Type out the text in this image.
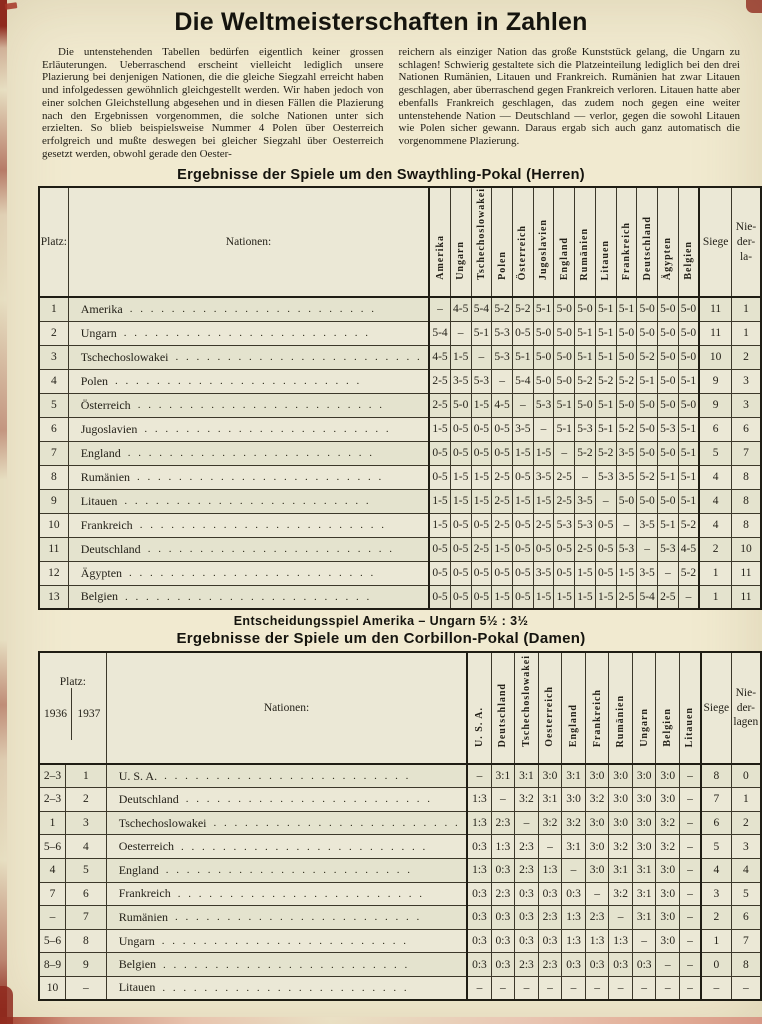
Die Weltmeisterschaften in Zahlen

Die untenstehenden Tabellen bedürfen eigentlich keiner grossen Erläuterungen. Ueberraschend erscheint vielleicht lediglich unsere Plazierung bei denjenigen Nationen, die die gleiche Siegzahl erreicht haben und infolgedessen gewöhnlich gleichgestellt werden. Wir haben jedoch von einer solchen Gleichstellung abgesehen und in diesen Fällen die Plazierung nach den Ergebnissen vorgenommen, die solche Nationen unter sich erzielten. So blieb beispielsweise Nummer 4 Polen über Oesterreich erfolgreich und mußte deswegen bei gleicher Siegzahl über Oesterreich gesetzt werden, obwohl gerade den Oester-

reichern als einziger Nation das große Kunststück gelang, die Ungarn zu schlagen! Schwierig gestaltete sich die Platzeinteilung lediglich bei den drei Nationen Rumänien, Litauen und Frankreich. Rumänien hat zwar Litauen geschlagen, aber überraschend gegen Frankreich verloren. Litauen hatte aber ebenfalls Frankreich geschlagen, das zudem noch gegen eine weiter untenstehende Nation — Deutschland — verlor, gegen die sowohl Litauen wie Polen sicher gewann. Daraus ergab sich auch ganz automatisch die vorgenommene Plazierung.

Ergebnisse der Spiele um den Swaythling-Pokal (Herren)
Platz:	Nationen:	Amerika	Ungarn	Tschechoslowakei	Polen	Österreich	Jugoslavien	England	Rumänien	Litauen	Frankreich	Deutschland	Ägypten	Belgien	Siege	Nie-
der-
la-

1	Amerika . . . . . . . . . . . . . . . . . . . . . . . .	–	4-5	5-4	5-2	5-2	5-1	5-0	5-0	5-1	5-1	5-0	5-0	5-0	11	1
2	Ungarn . . . . . . . . . . . . . . . . . . . . . . . .	5-4	–	5-1	5-3	0-5	5-0	5-0	5-1	5-1	5-0	5-0	5-0	5-0	11	1
3	Tschechoslowakei . . . . . . . . . . . . . . . . . . . . . . . .	4-5	1-5	–	5-3	5-1	5-0	5-0	5-1	5-1	5-0	5-2	5-0	5-0	10	2
4	Polen . . . . . . . . . . . . . . . . . . . . . . . .	2-5	3-5	5-3	–	5-4	5-0	5-0	5-2	5-2	5-2	5-1	5-0	5-1	9	3
5	Österreich . . . . . . . . . . . . . . . . . . . . . . . .	2-5	5-0	1-5	4-5	–	5-3	5-1	5-0	5-1	5-0	5-0	5-0	5-0	9	3
6	Jugoslavien . . . . . . . . . . . . . . . . . . . . . . . .	1-5	0-5	0-5	0-5	3-5	–	5-1	5-3	5-1	5-2	5-0	5-3	5-1	6	6
7	England . . . . . . . . . . . . . . . . . . . . . . . .	0-5	0-5	0-5	0-5	1-5	1-5	–	5-2	5-2	3-5	5-0	5-0	5-1	5	7
8	Rumänien . . . . . . . . . . . . . . . . . . . . . . . .	0-5	1-5	1-5	2-5	0-5	3-5	2-5	–	5-3	3-5	5-2	5-1	5-1	4	8
9	Litauen . . . . . . . . . . . . . . . . . . . . . . . .	1-5	1-5	1-5	2-5	1-5	1-5	2-5	3-5	–	5-0	5-0	5-0	5-1	4	8
10	Frankreich . . . . . . . . . . . . . . . . . . . . . . . .	1-5	0-5	0-5	2-5	0-5	2-5	5-3	5-3	0-5	–	3-5	5-1	5-2	4	8
11	Deutschland . . . . . . . . . . . . . . . . . . . . . . . .	0-5	0-5	2-5	1-5	0-5	0-5	0-5	2-5	0-5	5-3	–	5-3	4-5	2	10
12	Ägypten . . . . . . . . . . . . . . . . . . . . . . . .	0-5	0-5	0-5	0-5	0-5	3-5	0-5	1-5	0-5	1-5	3-5	–	5-2	1	11
13	Belgien . . . . . . . . . . . . . . . . . . . . . . . .	0-5	0-5	0-5	1-5	0-5	1-5	1-5	1-5	1-5	2-5	5-4	2-5	–	1	11
Entscheidungsspiel Amerika – Ungarn 5½ : 3½
Ergebnisse der Spiele um den Corbillon-Pokal (Damen)
Platz:
1936 1937	Nationen:	U. S. A.	Deutschland	Tschechoslowakei	Oesterreich	England	Frankreich	Rumänien	Ungarn	Belgien	Litauen	Siege	
Nie-
der-
lagen

2–3	1	U. S. A. . . . . . . . . . . . . . . . . . . . . . . . .	–	3:1	3:1	3:0	3:1	3:0	3:0	3:0	3:0	–	8	0
2–3	2	Deutschland . . . . . . . . . . . . . . . . . . . . . . . .	1:3	–	3:2	3:1	3:0	3:2	3:0	3:0	3:0	–	7	1
1	3	Tschechoslowakei . . . . . . . . . . . . . . . . . . . . . . . .	1:3	2:3	–	3:2	3:2	3:0	3:0	3:0	3:2	–	6	2
5–6	4	Oesterreich . . . . . . . . . . . . . . . . . . . . . . . .	0:3	1:3	2:3	–	3:1	3:0	3:2	3:0	3:2	–	5	3
4	5	England . . . . . . . . . . . . . . . . . . . . . . . .	1:3	0:3	2:3	1:3	–	3:0	3:1	3:1	3:0	–	4	4
7	6	Frankreich . . . . . . . . . . . . . . . . . . . . . . . .	0:3	2:3	0:3	0:3	0:3	–	3:2	3:1	3:0	–	3	5
–	7	Rumänien . . . . . . . . . . . . . . . . . . . . . . . .	0:3	0:3	0:3	2:3	1:3	2:3	–	3:1	3:0	–	2	6
5–6	8	Ungarn . . . . . . . . . . . . . . . . . . . . . . . .	0:3	0:3	0:3	0:3	1:3	1:3	1:3	–	3:0	–	1	7
8–9	9	Belgien . . . . . . . . . . . . . . . . . . . . . . . .	0:3	0:3	2:3	2:3	0:3	0:3	0:3	0:3	–	–	0	8
10	–	Litauen . . . . . . . . . . . . . . . . . . . . . . . .	–	–	–	–	–	–	–	–	–	–	–	–
